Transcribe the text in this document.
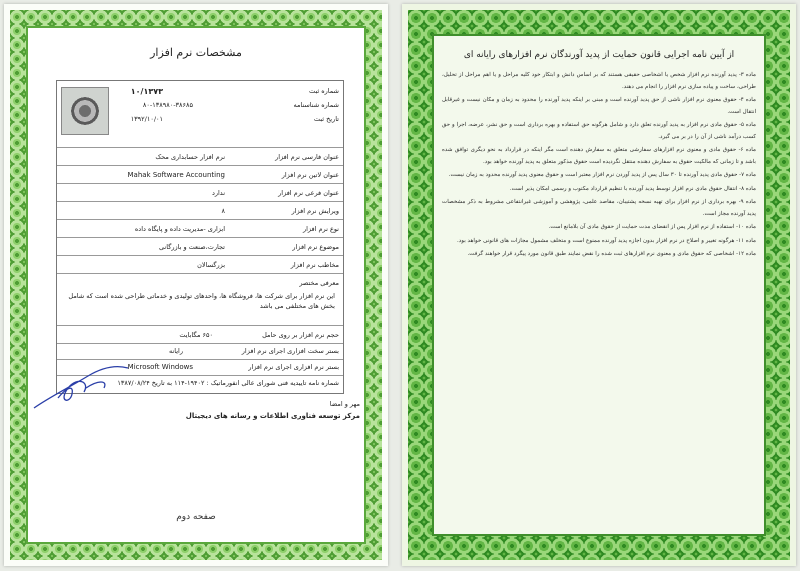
مشخصات نرم افزار
شماره ثبت
۱۰/۱۳۷۳
شماره شناسنامه
۸۰-۱۳۸۹۸۰-۳۸۶۸۵
تاریخ ثبت
۱۳۹۲/۱۰/۰۱
عنوان فارسی نرم افزار
نرم افزار حسابداری محک
عنوان لاتین نرم افزار
Mahak Software Accounting
عنوان فرعی نرم افزار
ندارد
ویرایش نرم افزار
۸
نوع نرم افزار
ابزاری -مدیریت داده و پایگاه داده
موضوع نرم افزار
تجارت،صنعت و بازرگانی
مخاطب نرم افزار
بزرگسالان
معرفی مختصر
این نرم افزار برای شرکت ها، فروشگاه ها، واحدهای تولیدی و خدماتی طراحی شده است که شامل بخش های مختلفی می باشد
حجم نرم افزار بر روی حامل
۶۵۰ مگابایت
بستر سخت افزاری اجرای نرم افزار
رایانه
بستر نرم افزاری اجرای نرم افزار
Microsoft Windows
شماره نامه تاییدیه فنی شورای عالی انفورماتیک : ۱۹۴۰۲-۱۱۴ به تاریخ ۱۳۸۷/۰۸/۲۴
مهر و امضا
مرکز توسعه فناوری اطلاعات و رسانه های دیجیتال
صفحه دوم
از آیین نامه اجرایی قانون حمایت از پدید آورندگان نرم افزارهای رایانه ای

ماده ۳- پدید آورنده نرم افزار شخص یا اشخاصی حقیقی هستند که بر اساس دانش و ابتکار خود کلیه مراحل و یا اهم مراحل از تحلیل، طراحی، ساخت و پیاده سازی نرم افزار را انجام می دهند.

ماده ۴- حقوق معنوی نرم افزار ناشی از حق پدید آورنده است و مبنی بر اینکه پدید آورنده را محدود به زمان و مکان نیست و غیرقابل انتقال است.

ماده ۵- حقوق مادی نرم افزار به پدید آورنده تعلق دارد و شامل هرگونه حق استفاده و بهره برداری است و حق نشر، عرضه، اجرا و حق کسب درآمد ناشی از آن را در بر می گیرد.

ماده ۶- حقوق مادی و معنوی نرم افزارهای سفارشی متعلق به سفارش دهنده است مگر اینکه در قرارداد به نحو دیگری توافق شده باشد و تا زمانی که مالکیت حقوق به سفارش دهنده منتقل نگردیده است حقوق مذکور متعلق به پدید آورنده خواهد بود.

ماده ۷- حقوق مادی پدید آورنده تا ۳۰ سال پس از پدید آوردن نرم افزار معتبر است و حقوق معنوی پدید آورنده محدود به زمان نیست.

ماده ۸- انتقال حقوق مادی نرم افزار توسط پدید آورنده با تنظیم قرارداد مکتوب و رسمی امکان پذیر است.

ماده ۹- بهره برداری از نرم افزار برای تهیه نسخه پشتیبان، مقاصد علمی، پژوهشی و آموزشی غیرانتفاعی مشروط به ذکر مشخصات پدید آورنده مجاز است.

ماده ۱۰- استفاده از نرم افزار پس از انقضای مدت حمایت از حقوق مادی آن بلامانع است.

ماده ۱۱- هرگونه تغییر و اصلاح در نرم افزار بدون اجازه پدید آورنده ممنوع است و متخلف مشمول مجازات های قانونی خواهد بود.

ماده ۱۲- اشخاصی که حقوق مادی و معنوی نرم افزارهای ثبت شده را نقض نمایند طبق قانون مورد پیگرد قرار خواهند گرفت.
